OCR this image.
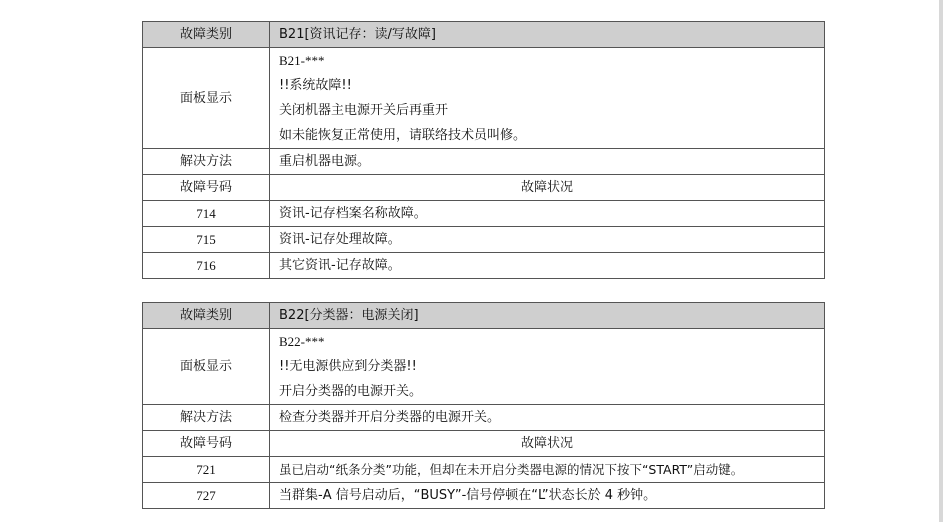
故障类别	B21[资讯记存：读/写故障]
面板显示	B21-***
!!系统故障!!
关闭机器主电源开关后再重开
如未能恢复正常使用，请联络技术员叫修。

解决方法	重启机器电源。
故障号码	故障状况
714	资讯-记存档案名称故障。
715	资讯-记存处理故障。
716	其它资讯-记存故障。
故障类别	B22[分类器：电源关闭]
面板显示	B22-***
!!无电源供应到分类器!!
开启分类器的电源开关。

解决方法	检查分类器并开启分类器的电源开关。
故障号码	故障状况
721	虽已启动“纸条分类”功能，但却在未开启分类器电源的情况下按下“START”启动键。
727	当群集-A 信号启动后，“BUSY”-信号停顿在“L”状态长於 4 秒钟。
